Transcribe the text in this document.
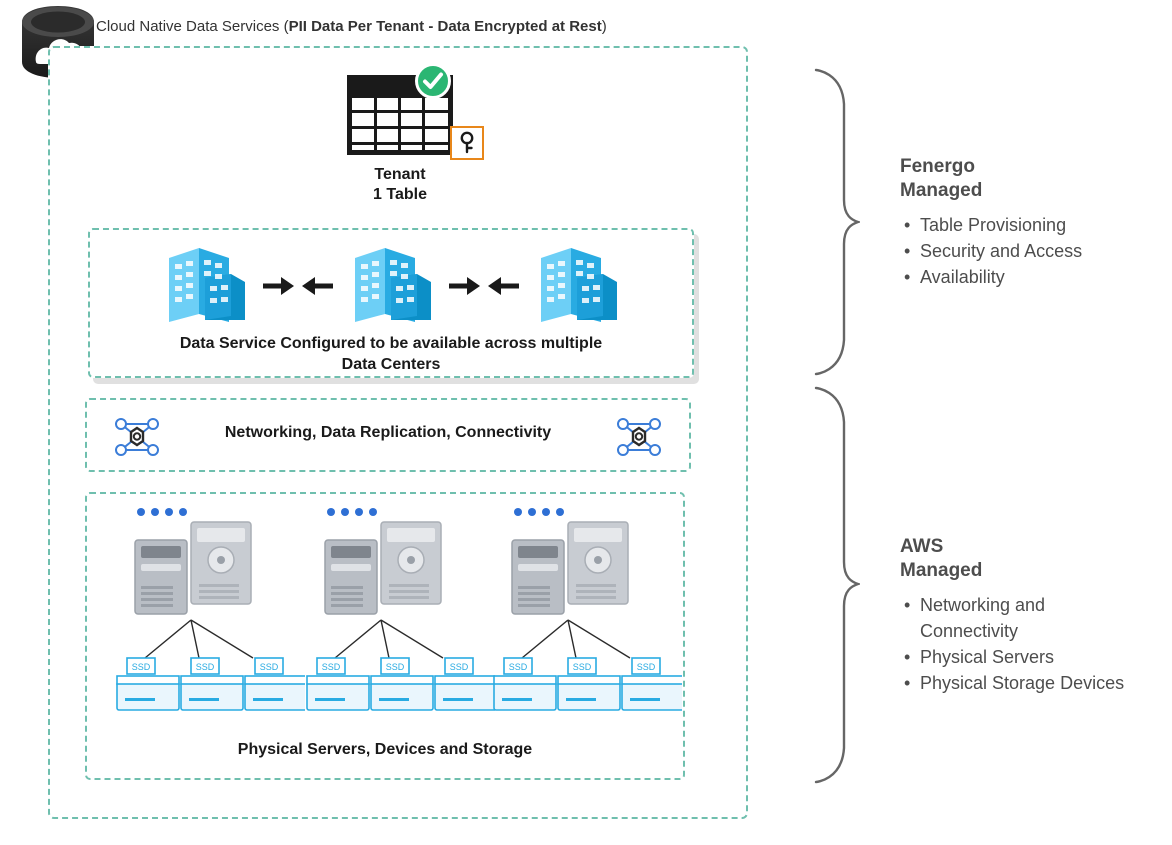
Cloud Native Data Services (PII Data Per Tenant - Data Encrypted at Rest)
Tenant
1 Table
Data Service Configured to be available across multiple
Data Centers
Networking, Data Replication, Connectivity
SSD	SSD	SSD	SSD	SSD	SSD	SSD	SSD	SSD
Physical Servers, Devices and Storage
Fenergo
Managed
• Table Provisioning
• Security and Access
• Availability
AWS
Managed
• Networking and Connectivity
• Physical Servers
• Physical Storage Devices
